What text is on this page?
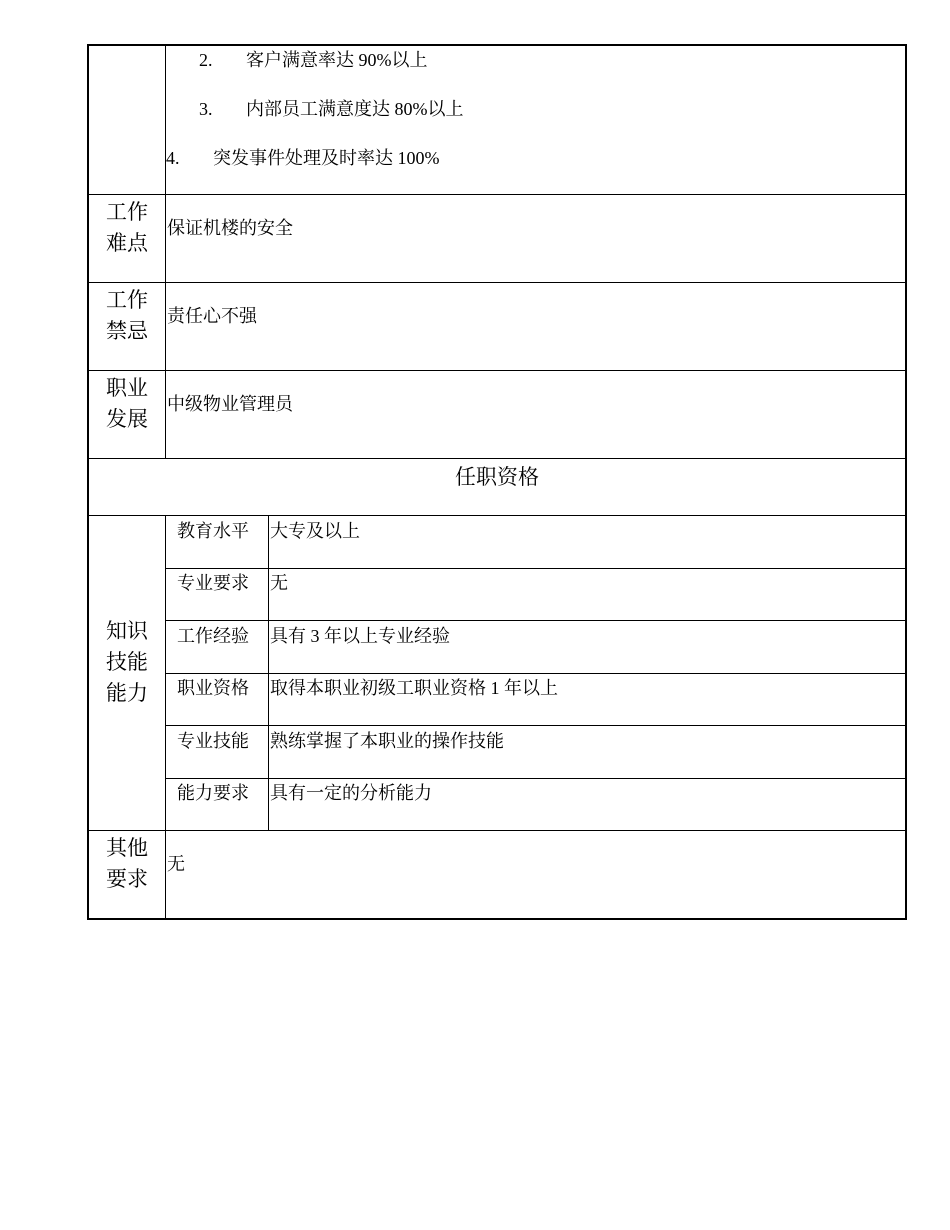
2. 客户满意率达 90%以上
3. 内部员工满意度达 80%以上
4. 突发事件处理及时率达 100%
工作
难点
保证机楼的安全
工作
禁忌
责任心不强
职业
发展
中级物业管理员
任职资格
知识
技能
能力
教育水平 大专及以上
专业要求 无
工作经验 具有 3 年以上专业经验
职业资格 取得本职业初级工职业资格 1 年以上
专业技能 熟练掌握了本职业的操作技能
能力要求 具有一定的分析能力
其他
要求
无
